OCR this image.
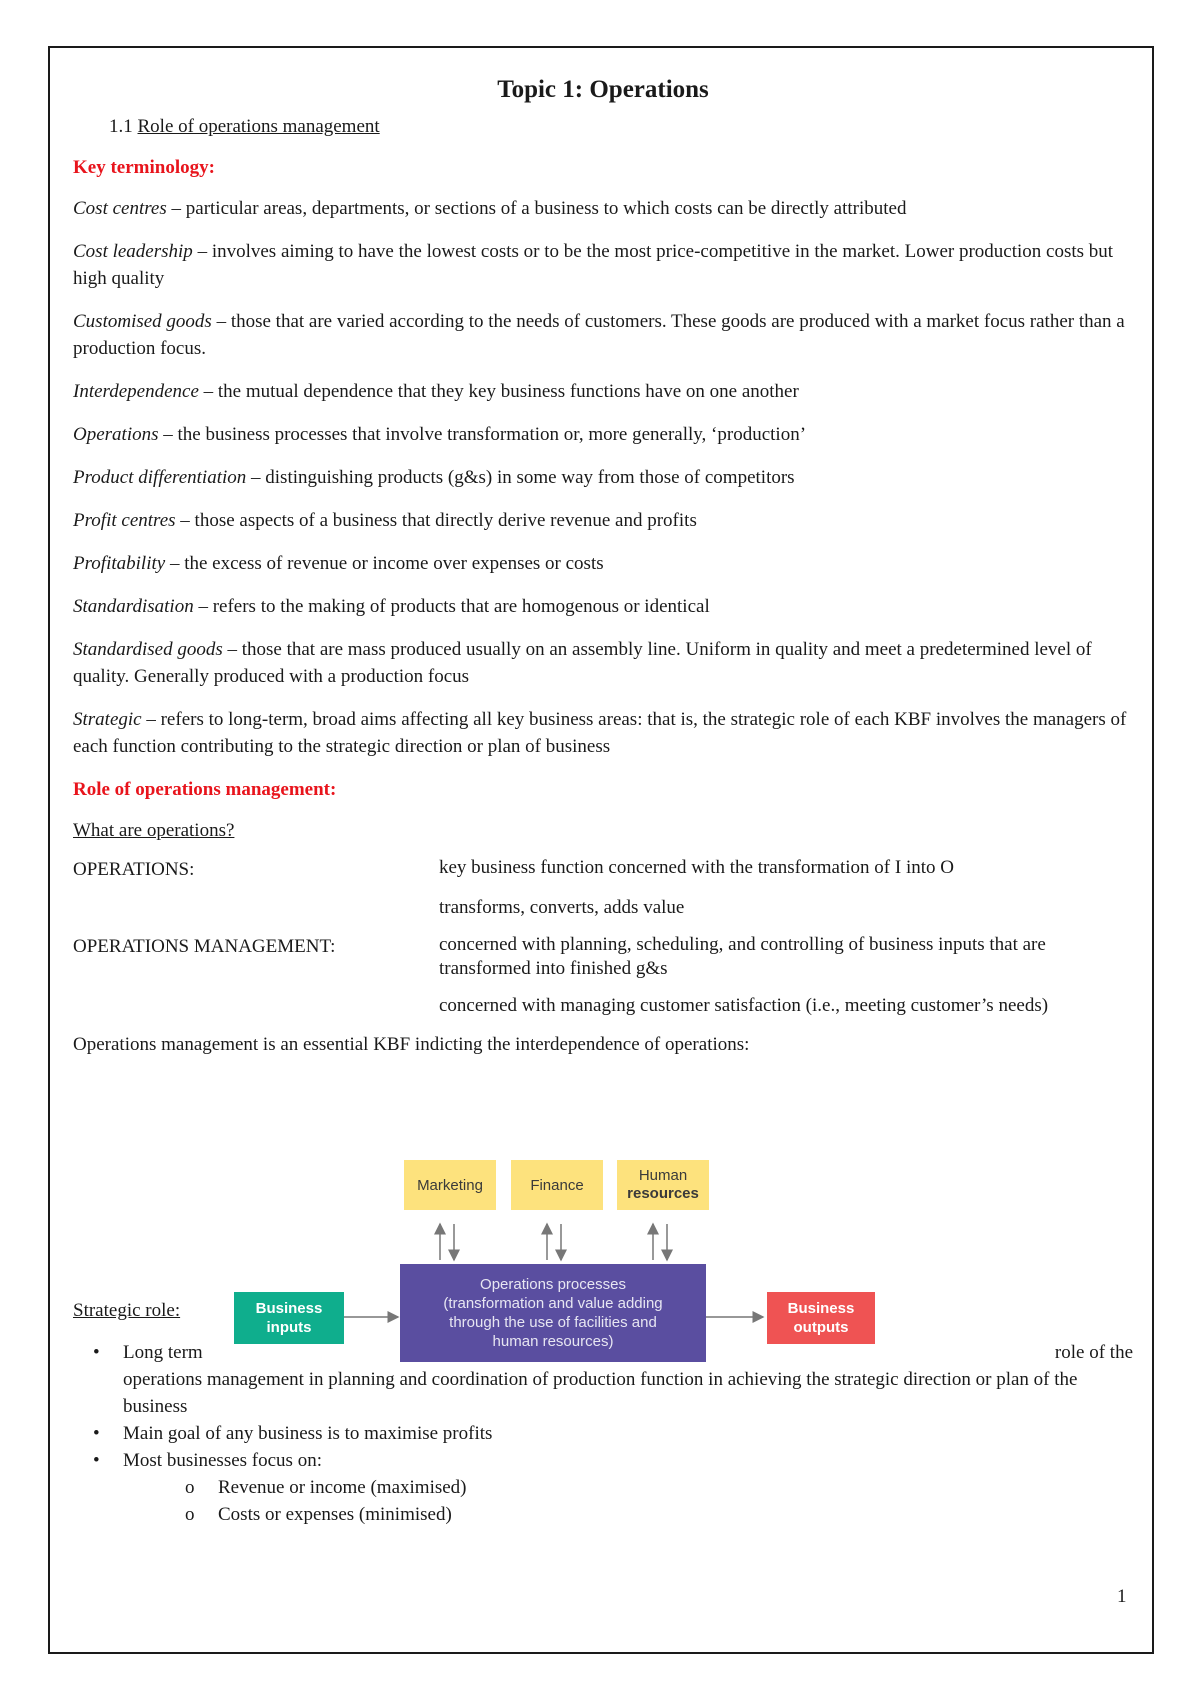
Topic 1: Operations
1.1 Role of operations management
Key terminology:

Cost centres – particular areas, departments, or sections of a business to which costs can be directly attributed

Cost leadership – involves aiming to have the lowest costs or to be the most price-competitive in the market. Lower production costs but high quality

Customised goods – those that are varied according to the needs of customers. These goods are produced with a market focus rather than a production focus.

Interdependence – the mutual dependence that they key business functions have on one another

Operations – the business processes that involve transformation or, more generally, ‘production’

Product differentiation – distinguishing products (g&s) in some way from those of competitors

Profit centres – those aspects of a business that directly derive revenue and profits

Profitability – the excess of revenue or income over expenses or costs

Standardisation – refers to the making of products that are homogenous or identical

Standardised goods – those that are mass produced usually on an assembly line. Uniform in quality and meet a predetermined level of quality. Generally produced with a production focus

Strategic – refers to long-term, broad aims affecting all key business areas: that is, the strategic role of each KBF involves the managers of each function contributing to the strategic direction or plan of business

Role of operations management:
What are operations?
OPERATIONS:	key business function concerned with the transformation of I into O
transforms, converts, adds value
OPERATIONS MANAGEMENT:	concerned with planning, scheduling, and controlling of business inputs that are transformed into finished g&s
concerned with managing customer satisfaction (i.e., meeting customer’s needs)
Operations management is an essential KBF indicting the interdependence of operations:
Marketing	Finance
Human
resources
Business
inputs
Operations processes
(transformation and value adding
through the use of facilities and
human resources)
Business
outputs
Strategic role:
• Long term	role of the
operations management in planning and coordination of production function in achieving the strategic direction or plan of the business
• Main goal of any business is to maximise profits
• Most businesses focus on:
o Revenue or income (maximised)
o Costs or expenses (minimised)
1
